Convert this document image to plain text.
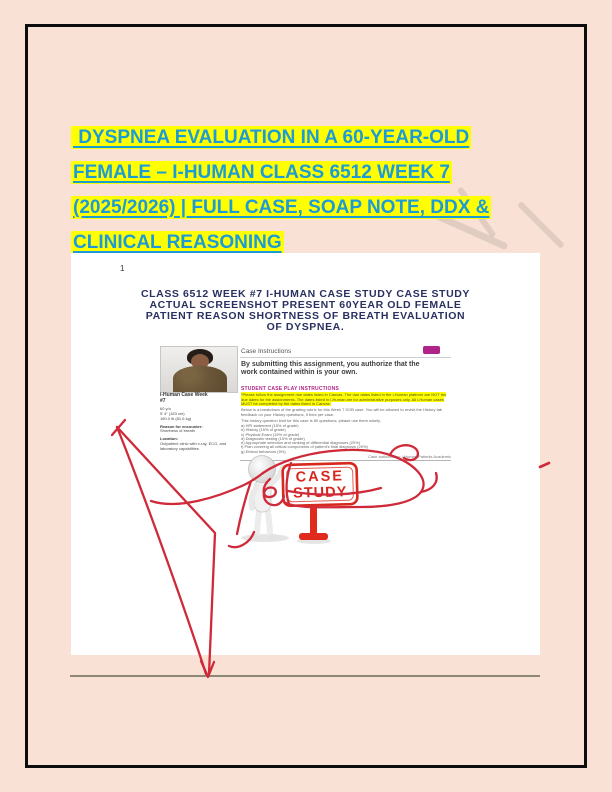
DYSPNEA EVALUATION IN A 60-YEAR-OLD
FEMALE – I-HUMAN CLASS 6512 WEEK 7
(2025/2026) | FULL CASE, SOAP NOTE, DDX &
CLINICAL REASONING
1
CLASS 6512 WEEK #7 I-HUMAN CASE STUDY CASE STUDY
ACTUAL SCREENSHOT PRESENT 60YEAR OLD FEMALE
PATIENT REASON SHORTNESS OF BREATH EVALUATION
OF DYSPNEA.
i-Human Case Week #7

60 y/o
5' 4" (163 cm)
180.0 lb (81.6 kg)

Reason for encounter:
Shortness of breath

Location:
Outpatient clinic with x-ray, ECG, and laboratory capabilities

Case Instructions
By submitting this assignment, you authorize that the work contained within is your own.
STUDENT CASE PLAY INSTRUCTIONS
*Please follow the assignment due dates listed in Canvas. The due dates listed in the i-Human platform are NOT the due dates for the assignments. The dates listed in i-Human are for administrative purposes only. All i-Human cases MUST be completed by the dates listed in Canvas.
Below is a breakdown of the grading rubric for this Week 7 SOB case. You will be allowed to revisit the History tab feedback on your History questions, 5 tries per case.
This history question limit for this case is 80 questions; please use them wisely.
a) HPI statement (15% of grade)
b) History (15% of grade)
c) Physical Exam (15% of grade)
d) Diagnostic testing (15% of grade)
e) Appropriate selection and ranking of differential diagnoses (20%)
f) Plan covering all critical components of patient's final diagnosis (20%)
g) Ethical behaviors (5%)
Case authored by: i-Human Patients Academic
CASE
STUDY
